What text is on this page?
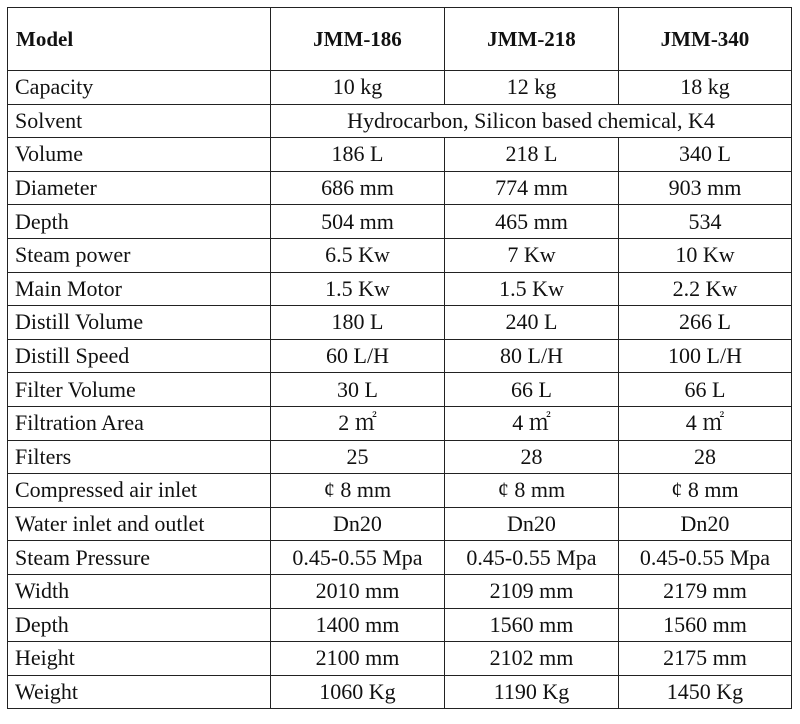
Model	JMM-186	JMM-218	JMM-340
Capacity	10 kg	12 kg	18 kg
Solvent	Hydrocarbon, Silicon based chemical, K4		
Volume	186 L	218 L	340 L
Diameter	686 mm	774 mm	903 mm
Depth	504 mm	465 mm	534
Steam power	6.5 Kw	7 Kw	10 Kw
Main Motor	1.5 Kw	1.5 Kw	2.2 Kw
Distill Volume	180 L	240 L	266 L
Distill Speed	60 L/H	80 L/H	100 L/H
Filter Volume	30 L	66 L	66 L
Filtration Area	2 ㎡	4 ㎡	4 ㎡
Filters	25	28	28
Compressed air inlet	¢ 8 mm	¢ 8 mm	¢ 8 mm
Water inlet and outlet	Dn20	Dn20	Dn20
Steam Pressure	0.45-0.55 Mpa	0.45-0.55 Mpa	0.45-0.55 Mpa
Width	2010 mm	2109 mm	2179 mm
Depth	1400 mm	1560 mm	1560 mm
Height	2100 mm	2102 mm	2175 mm
Weight	1060 Kg	1190 Kg	1450 Kg
